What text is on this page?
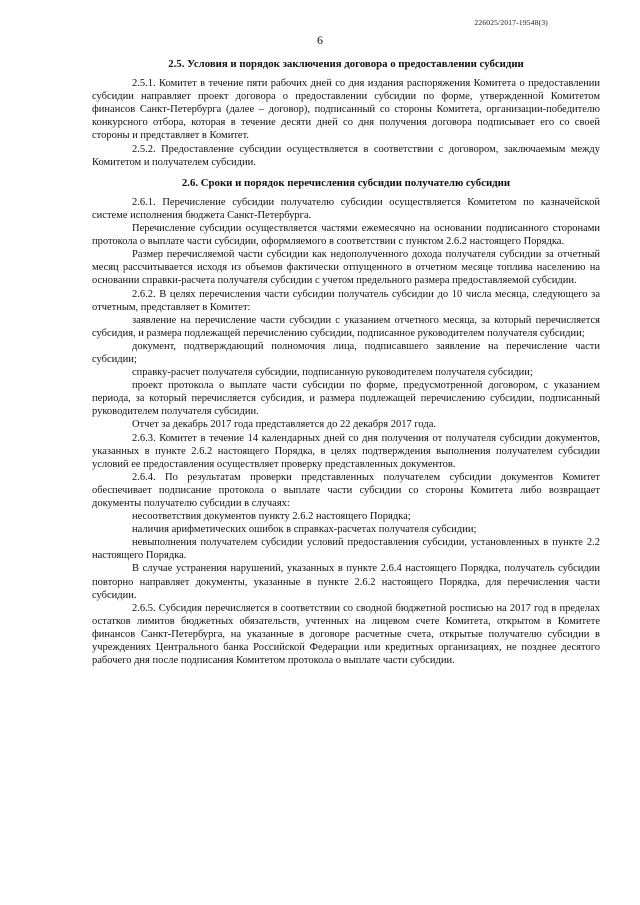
226025/2017-19548(3)
6
2.5. Условия и порядок заключения договора о предоставлении субсидии

2.5.1. Комитет в течение пяти рабочих дней со дня издания распоряжения Комитета о предоставлении субсидии направляет проект договора о предоставлении субсидии по форме, утвержденной Комитетом финансов Санкт-Петербурга (далее – договор), подписанный со стороны Комитета, организации-победителю конкурсного отбора, которая в течение десяти дней со дня получения договора подписывает его со своей стороны и представляет в Комитет.

2.5.2. Предоставление субсидии осуществляется в соответствии с договором, заключаемым между Комитетом и получателем субсидии.

2.6. Сроки и порядок перечисления субсидии получателю субсидии

2.6.1. Перечисление субсидии получателю субсидии осуществляется Комитетом по казначейской системе исполнения бюджета Санкт-Петербурга.

Перечисление субсидии осуществляется частями ежемесячно на основании подписанного сторонами протокола о выплате части субсидии, оформляемого в соответствии с пунктом 2.6.2 настоящего Порядка.

Размер перечисляемой части субсидии как недополученного дохода получателя субсидии за отчетный месяц рассчитывается исходя из объемов фактически отпущенного в отчетном месяце топлива населению на основании справки-расчета получателя субсидии с учетом предельного размера предоставляемой субсидии.

2.6.2. В целях перечисления части субсидии получатель субсидии до 10 числа месяца, следующего за отчетным, представляет в Комитет:

заявление на перечисление части субсидии с указанием отчетного месяца, за который перечисляется субсидия, и размера подлежащей перечислению субсидии, подписанное руководителем получателя субсидии;

документ, подтверждающий полномочия лица, подписавшего заявление на перечисление части субсидии;

справку-расчет получателя субсидии, подписанную руководителем получателя субсидии;

проект протокола о выплате части субсидии по форме, предусмотренной договором, с указанием периода, за который перечисляется субсидия, и размера подлежащей перечислению субсидии, подписанный руководителем получателя субсидии.

Отчет за декабрь 2017 года представляется до 22 декабря 2017 года.

2.6.3. Комитет в течение 14 календарных дней со дня получения от получателя субсидии документов, указанных в пункте 2.6.2 настоящего Порядка, в целях подтверждения выполнения получателем субсидии условий ее предоставления осуществляет проверку представленных документов.

2.6.4. По результатам проверки представленных получателем субсидии документов Комитет обеспечивает подписание протокола о выплате части субсидии со стороны Комитета либо возвращает документы получателю субсидии в случаях:

несоответствия документов пункту 2.6.2 настоящего Порядка;

наличия арифметических ошибок в справках-расчетах получателя субсидии;

невыполнения получателем субсидии условий предоставления субсидии, установленных в пункте 2.2 настоящего Порядка.

В случае устранения нарушений, указанных в пункте 2.6.4 настоящего Порядка, получатель субсидии повторно направляет документы, указанные в пункте 2.6.2 настоящего Порядка, для перечисления части субсидии.

2.6.5. Субсидия перечисляется в соответствии со сводной бюджетной росписью на 2017 год в пределах остатков лимитов бюджетных обязательств, учтенных на лицевом счете Комитета, открытом в Комитете финансов Санкт-Петербурга, на указанные в договоре расчетные счета, открытые получателю субсидии в учреждениях Центрального банка Российской Федерации или кредитных организациях, не позднее десятого рабочего дня после подписания Комитетом протокола о выплате части субсидии.
